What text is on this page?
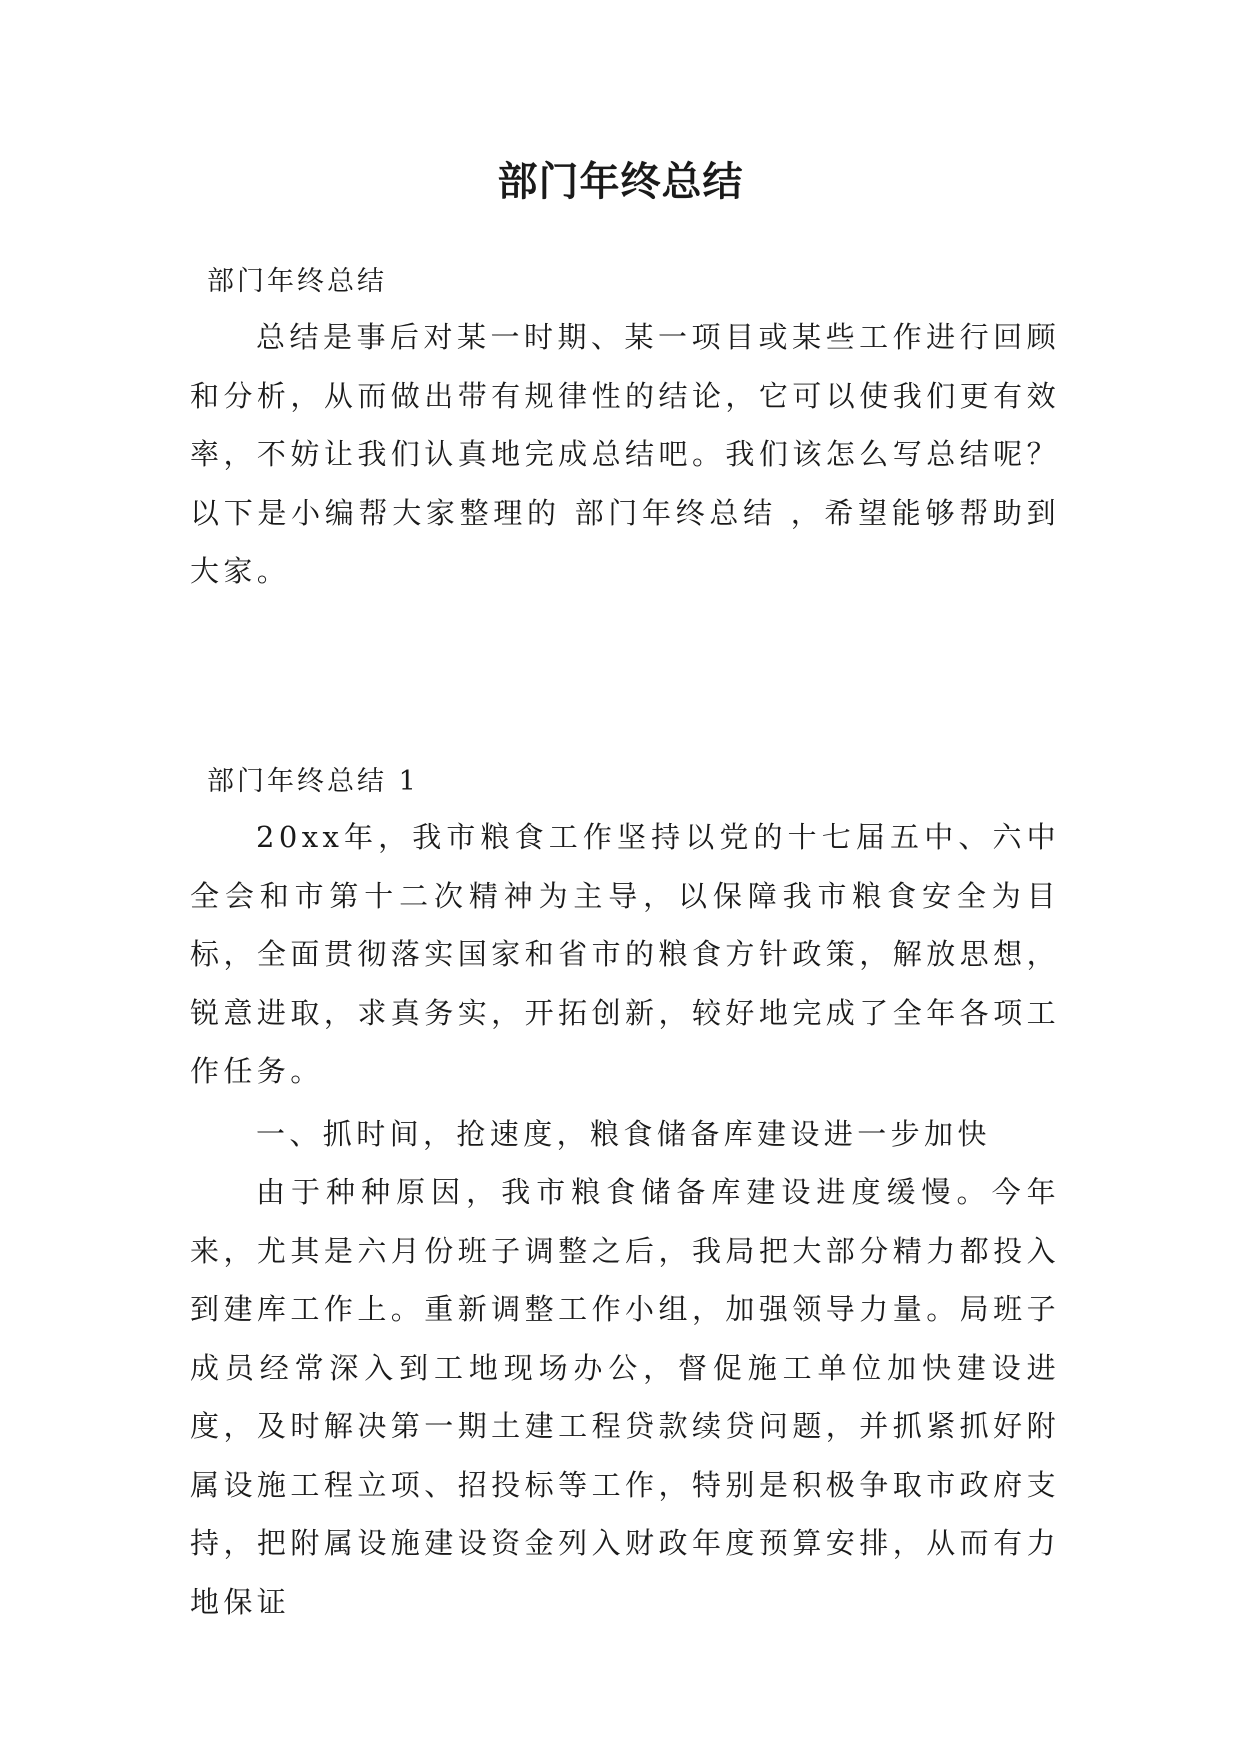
部门年终总结

部门年终总结

总结是事后对某一时期、某一项目或某些工作进行回顾和分析，从而做出带有规律性的结论，它可以使我们更有效率，不妨让我们认真地完成总结吧。我们该怎么写总结呢？以下是小编帮大家整理的 部门年终总结 ，希望能够帮助到大家。

部门年终总结 1

20xx年，我市粮食工作坚持以党的十七届五中、六中全会和市第十二次精神为主导，以保障我市粮食安全为目标，全面贯彻落实国家和省市的粮食方针政策，解放思想，锐意进取，求真务实，开拓创新，较好地完成了全年各项工作任务。

一、抓时间，抢速度，粮食储备库建设进一步加快

由于种种原因，我市粮食储备库建设进度缓慢。今年来，尤其是六月份班子调整之后，我局把大部分精力都投入到建库工作上。重新调整工作小组，加强领导力量。局班子成员经常深入到工地现场办公，督促施工单位加快建设进度，及时解决第一期土建工程贷款续贷问题，并抓紧抓好附属设施工程立项、招投标等工作，特别是积极争取市政府支持，把附属设施建设资金列入财政年度预算安排，从而有力地保证
